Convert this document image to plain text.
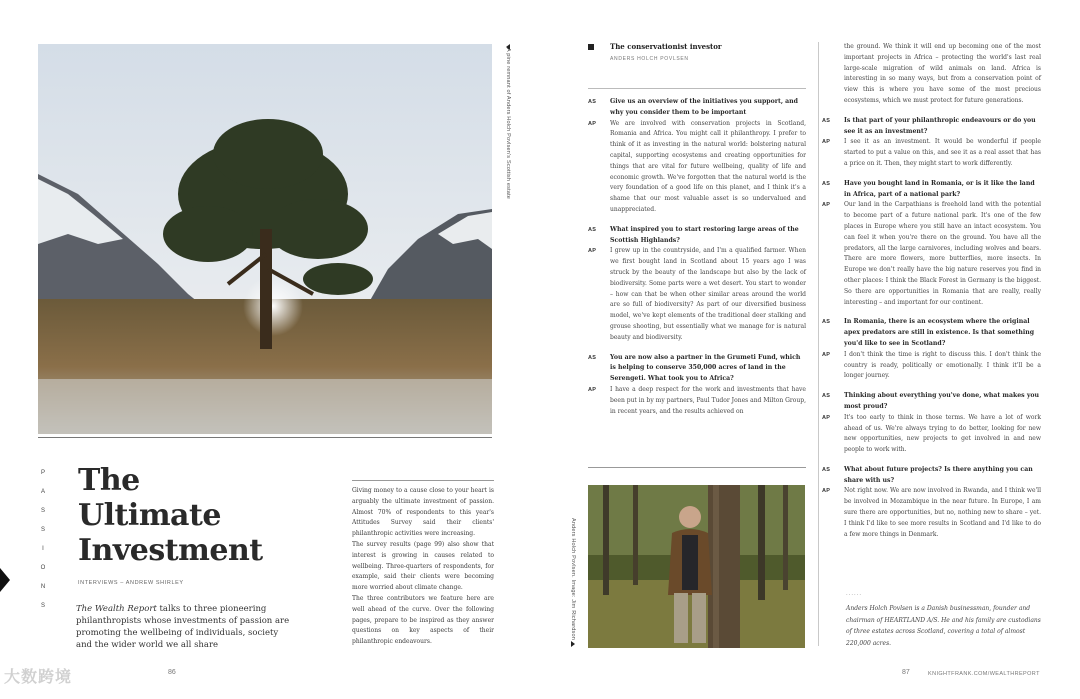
A pine remnant of Anders Holch Povlsen's Scottish estate
P
A
S
S
I
O
N
S
The
Ultimate
Investment
INTERVIEWS – ANDREW SHIRLEY

The Wealth Report talks to three pioneering philanthropists whose investments of passion are promoting the wellbeing of individuals, society and the wider world we all share

Giving money to a cause close to your heart is arguably the ultimate investment of passion. Almost 70% of respondents to this year's Attitudes Survey said their clients' philanthropic activities were increasing.

The survey results (page 99) also show that interest is growing in causes related to wellbeing. Three-quarters of respondents, for example, said their clients were becoming more worried about climate change.

The three contributors we feature here are well ahead of the curve. Over the following pages, prepare to be inspired as they answer questions on key aspects of their philanthropic endeavours.

大数跨境	86
The conservationist investor
ANDERS HOLCH POVLSEN
AS	Give us an overview of the initiatives you support, and why you consider them to be important
AP	We are involved with conservation projects in Scotland, Romania and Africa. You might call it philanthropy. I prefer to think of it as investing in the natural world: bolstering natural capital, supporting ecosystems and creating opportunities for things that are vital for future wellbeing, quality of life and economic growth. We've forgotten that the natural world is the very foundation of a good life on this planet, and I think it's a shame that our most valuable asset is so undervalued and unappreciated.
AS	What inspired you to start restoring large areas of the Scottish Highlands?
AP	I grew up in the countryside, and I'm a qualified farmer. When we first bought land in Scotland about 15 years ago I was struck by the beauty of the landscape but also by the lack of biodiversity. Some parts were a wet desert. You start to wonder – how can that be when other similar areas around the world are so full of biodiversity? As part of our diversified business model, we've kept elements of the traditional deer stalking and grouse shooting, but essentially what we manage for is natural beauty and biodiversity.
AS	You are now also a partner in the Grumeti Fund, which is helping to conserve 350,000 acres of land in the Serengeti. What took you to Africa?
AP	I have a deep respect for the work and investments that have been put in by my partners, Paul Tudor Jones and Milton Group, in recent years, and the results achieved on
Anders Holch Povlsen. Image: Jim Richardson
the ground. We think it will end up becoming one of the most important projects in Africa – protecting the world's last real large-scale migration of wild animals on land. Africa is interesting in so many ways, but from a conservation point of view this is where you have some of the most precious ecosystems, which we must protect for future generations.
AS	Is that part of your philanthropic endeavours or do you see it as an investment?
AP	I see it as an investment. It would be wonderful if people started to put a value on this, and see it as a real asset that has a price on it. Then, they might start to work differently.
AS	Have you bought land in Romania, or is it like the land in Africa, part of a national park?
AP	Our land in the Carpathians is freehold land with the potential to become part of a future national park. It's one of the few places in Europe where you still have an intact ecosystem. You can feel it when you're there on the ground. You have all the predators, all the large carnivores, including wolves and bears. There are more flowers, more butterflies, more insects. In Europe we don't really have the big nature reserves you find in other places: I think the Black Forest in Germany is the biggest. So there are opportunities in Romania that are really, really interesting – and important for our continent.
AS	In Romania, there is an ecosystem where the original apex predators are still in existence. Is that something you'd like to see in Scotland?
AP	I don't think the time is right to discuss this. I don't think the country is ready, politically or emotionally. I think it'll be a longer journey.
AS	Thinking about everything you've done, what makes you most proud?
AP	It's too early to think in those terms. We have a lot of work ahead of us. We're always trying to do better, looking for new new opportunities, new projects to get involved in and new people to work with.
AS	What about future projects? Is there anything you can share with us?
AP	Not right now. We are now involved in Rwanda, and I think we'll be involved in Mozambique in the near future. In Europe, I am sure there are opportunities, but no, nothing new to share – yet. I think I'd like to see more results in Scotland and I'd like to do a few more things in Denmark.
......

Anders Holch Povlsen is a Danish businessman, founder and chairman of HEARTLAND A/S. He and his family are custodians of three estates across Scotland, covering a total of almost 220,000 acres.

87	KNIGHTFRANK.COM/WEALTHREPORT
